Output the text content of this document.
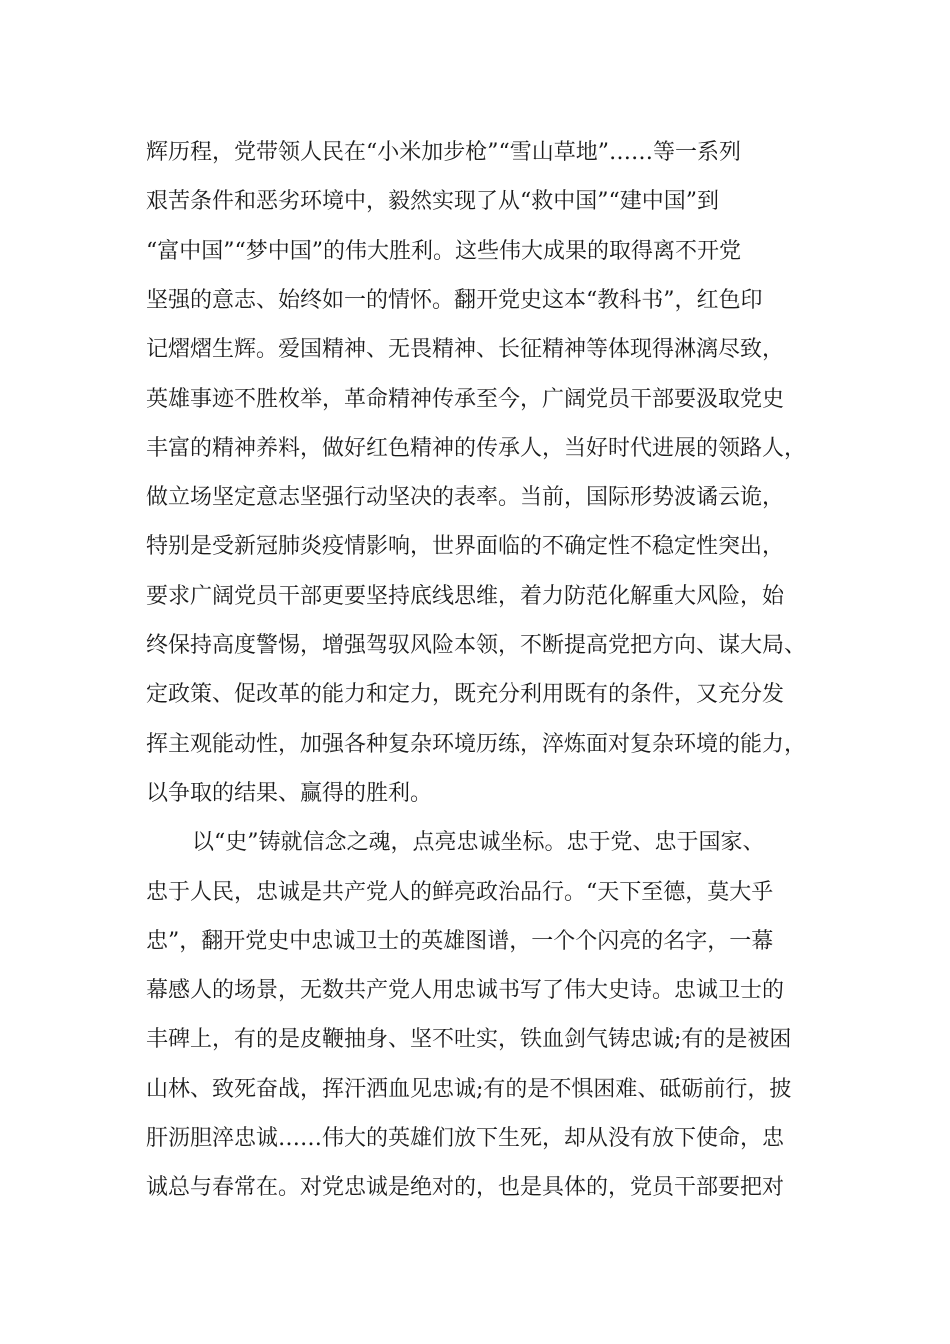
辉历程，党带领人民在“小米加步枪”“雪山草地”……等一系列
艰苦条件和恶劣环境中，毅然实现了从“救中国”“建中国”到
“富中国”“梦中国”的伟大胜利。这些伟大成果的取得离不开党
坚强的意志、始终如一的情怀。翻开党史这本“教科书”，红色印
记熠熠生辉。爱国精神、无畏精神、长征精神等体现得淋漓尽致，
英雄事迹不胜枚举，革命精神传承至今，广阔党员干部要汲取党史
丰富的精神养料，做好红色精神的传承人，当好时代进展的领路人，
做立场坚定意志坚强行动坚决的表率。当前，国际形势波谲云诡，
特别是受新冠肺炎疫情影响，世界面临的不确定性不稳定性突出，
要求广阔党员干部更要坚持底线思维，着力防范化解重大风险，始
终保持高度警惕，增强驾驭风险本领，不断提高党把方向、谋大局、
定政策、促改革的能力和定力，既充分利用既有的条件，又充分发
挥主观能动性，加强各种复杂环境历练，淬炼面对复杂环境的能力，
以争取的结果、赢得的胜利。
以“史”铸就信念之魂，点亮忠诚坐标。忠于党、忠于国家、
忠于人民，忠诚是共产党人的鲜亮政治品行。“天下至德，莫大乎
忠”，翻开党史中忠诚卫士的英雄图谱，一个个闪亮的名字，一幕
幕感人的场景，无数共产党人用忠诚书写了伟大史诗。忠诚卫士的
丰碑上，有的是皮鞭抽身、坚不吐实，铁血剑气铸忠诚;有的是被困
山林、致死奋战，挥汗洒血见忠诚;有的是不惧困难、砥砺前行，披
肝沥胆淬忠诚……伟大的英雄们放下生死，却从没有放下使命，忠
诚总与春常在。对党忠诚是绝对的，也是具体的，党员干部要把对
